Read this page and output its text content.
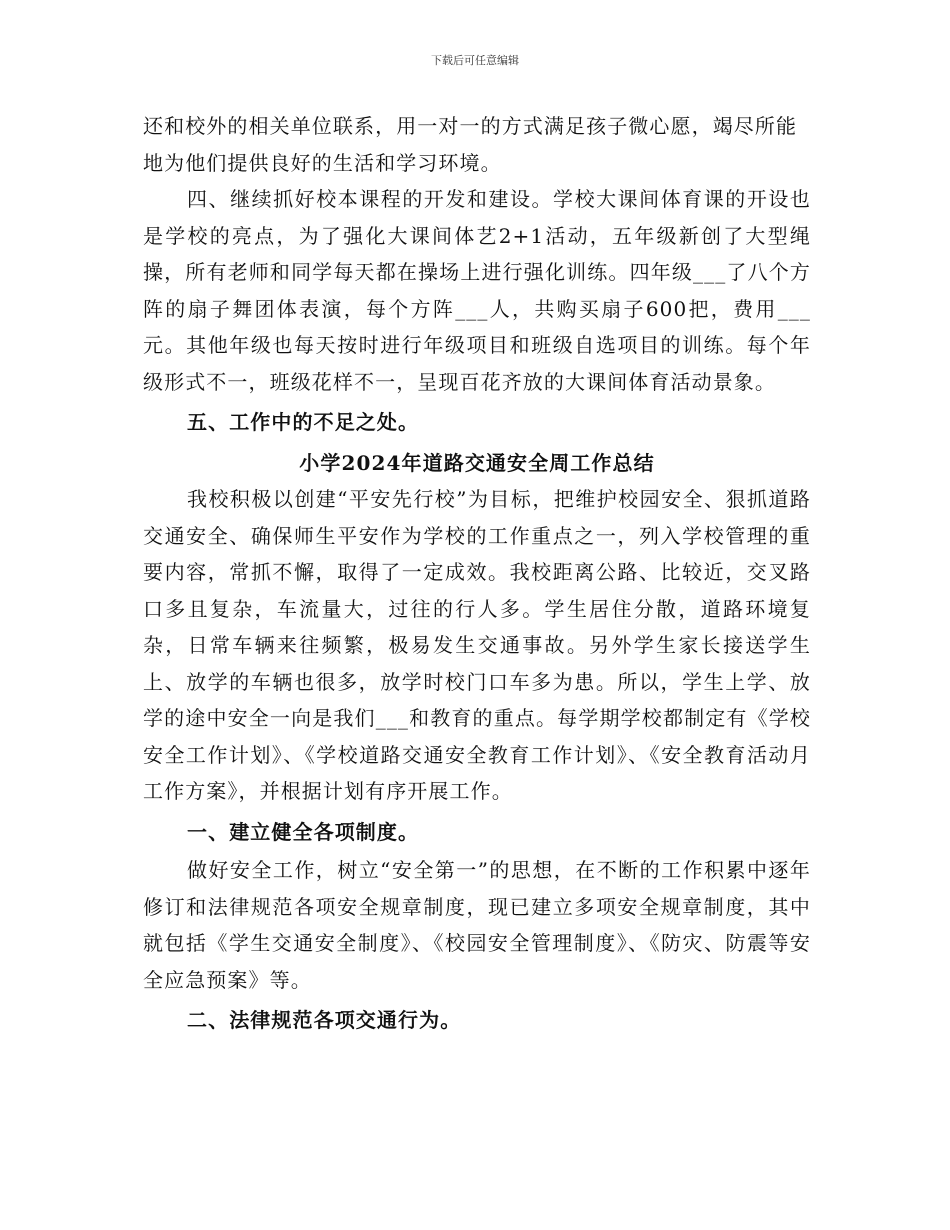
下载后可任意编辑

还和校外的相关单位联系，用一对一的方式满足孩子微心愿，竭尽所能地为他们提供良好的生活和学习环境。

四、继续抓好校本课程的开发和建设。学校大课间体育课的开设也是学校的亮点，为了强化大课间体艺2+1活动，五年级新创了大型绳操，所有老师和同学每天都在操场上进行强化训练。四年级___了八个方阵的扇子舞团体表演，每个方阵___人，共购买扇子600把，费用___元。其他年级也每天按时进行年级项目和班级自选项目的训练。每个年级形式不一，班级花样不一，呈现百花齐放的大课间体育活动景象。

五、工作中的不足之处。

小学2024年道路交通安全周工作总结

我校积极以创建“平安先行校”为目标，把维护校园安全、狠抓道路交通安全、确保师生平安作为学校的工作重点之一，列入学校管理的重要内容，常抓不懈，取得了一定成效。我校距离公路、比较近，交叉路口多且复杂，车流量大，过往的行人多。学生居住分散，道路环境复杂，日常车辆来往频繁，极易发生交通事故。另外学生家长接送学生上、放学的车辆也很多，放学时校门口车多为患。所以，学生上学、放学的途中安全一向是我们___和教育的重点。每学期学校都制定有《学校安全工作计划》、《学校道路交通安全教育工作计划》、《安全教育活动月工作方案》，并根据计划有序开展工作。

一、建立健全各项制度。

做好安全工作，树立“安全第一”的思想，在不断的工作积累中逐年修订和法律规范各项安全规章制度，现已建立多项安全规章制度，其中就包括《学生交通安全制度》、《校园安全管理制度》、《防灾、防震等安全应急预案》等。

二、法律规范各项交通行为。
